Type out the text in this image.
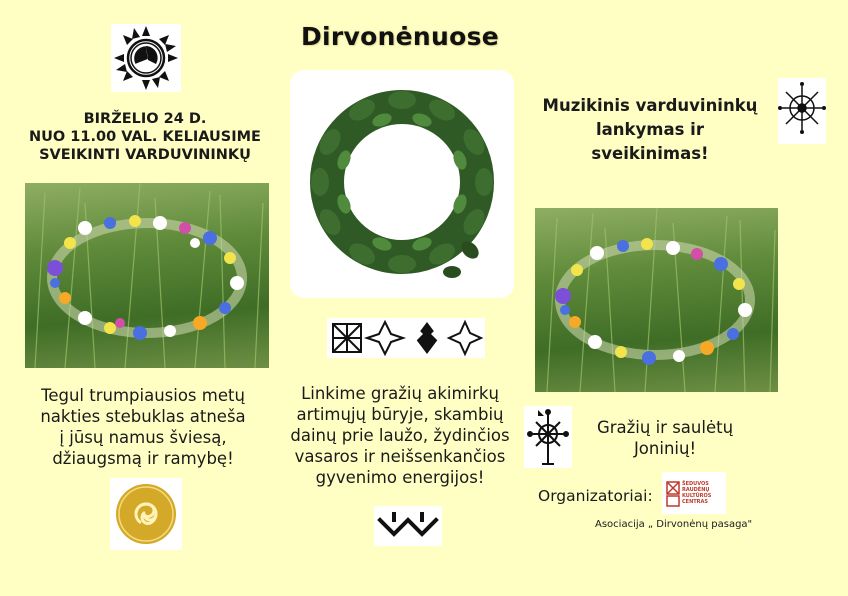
Dirvonėnuose
BIRŽELIO 24 D.
NUO 11.00 VAL. KELIAUSIME
SVEIKINTI VARDUVININKŲ
Muzikinis varduvininkų
lankymas ir
sveikinimas!
Tegul trumpiausios metų
nakties stebuklas atneša
į jūsų namus šviesą,
džiaugsmą ir ramybę!
Linkime gražių akimirkų
artimųjų būryje, skambių
dainų prie laužo, žydinčios
vasaros ir neišsenkančios
gyvenimo energijos!
Gražių ir saulėtų
Joninių!
Organizatoriai:
ŠEDUVOS
RAUDĖNŲ
KULTŪROS
CENTRAS
Asociacija „ Dirvonėnų pasaga"
